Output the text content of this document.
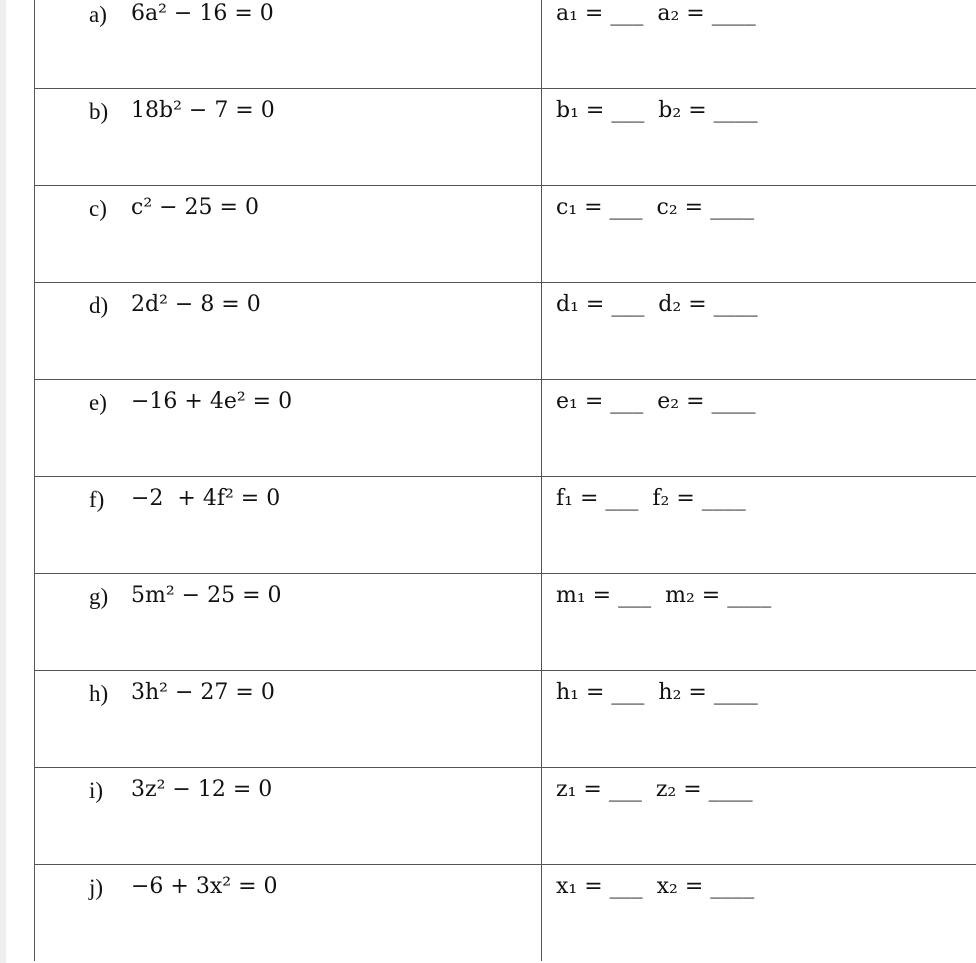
a) 6a² − 16 = 0	a₁ = ___  a₂ = ____
b) 18b² − 7 = 0	b₁ = ___  b₂ = ____
c) c² − 25 = 0	c₁ = ___  c₂ = ____
d) 2d² − 8 = 0	d₁ = ___  d₂ = ____
e) −16 + 4e² = 0	e₁ = ___  e₂ = ____
f) −2  + 4f² = 0	f₁ = ___  f₂ = ____
g) 5m² − 25 = 0	m₁ = ___  m₂ = ____
h) 3h² − 27 = 0	h₁ = ___  h₂ = ____
i) 3z² − 12 = 0	z₁ = ___  z₂ = ____
j) −6 + 3x² = 0	x₁ = ___  x₂ = ____
